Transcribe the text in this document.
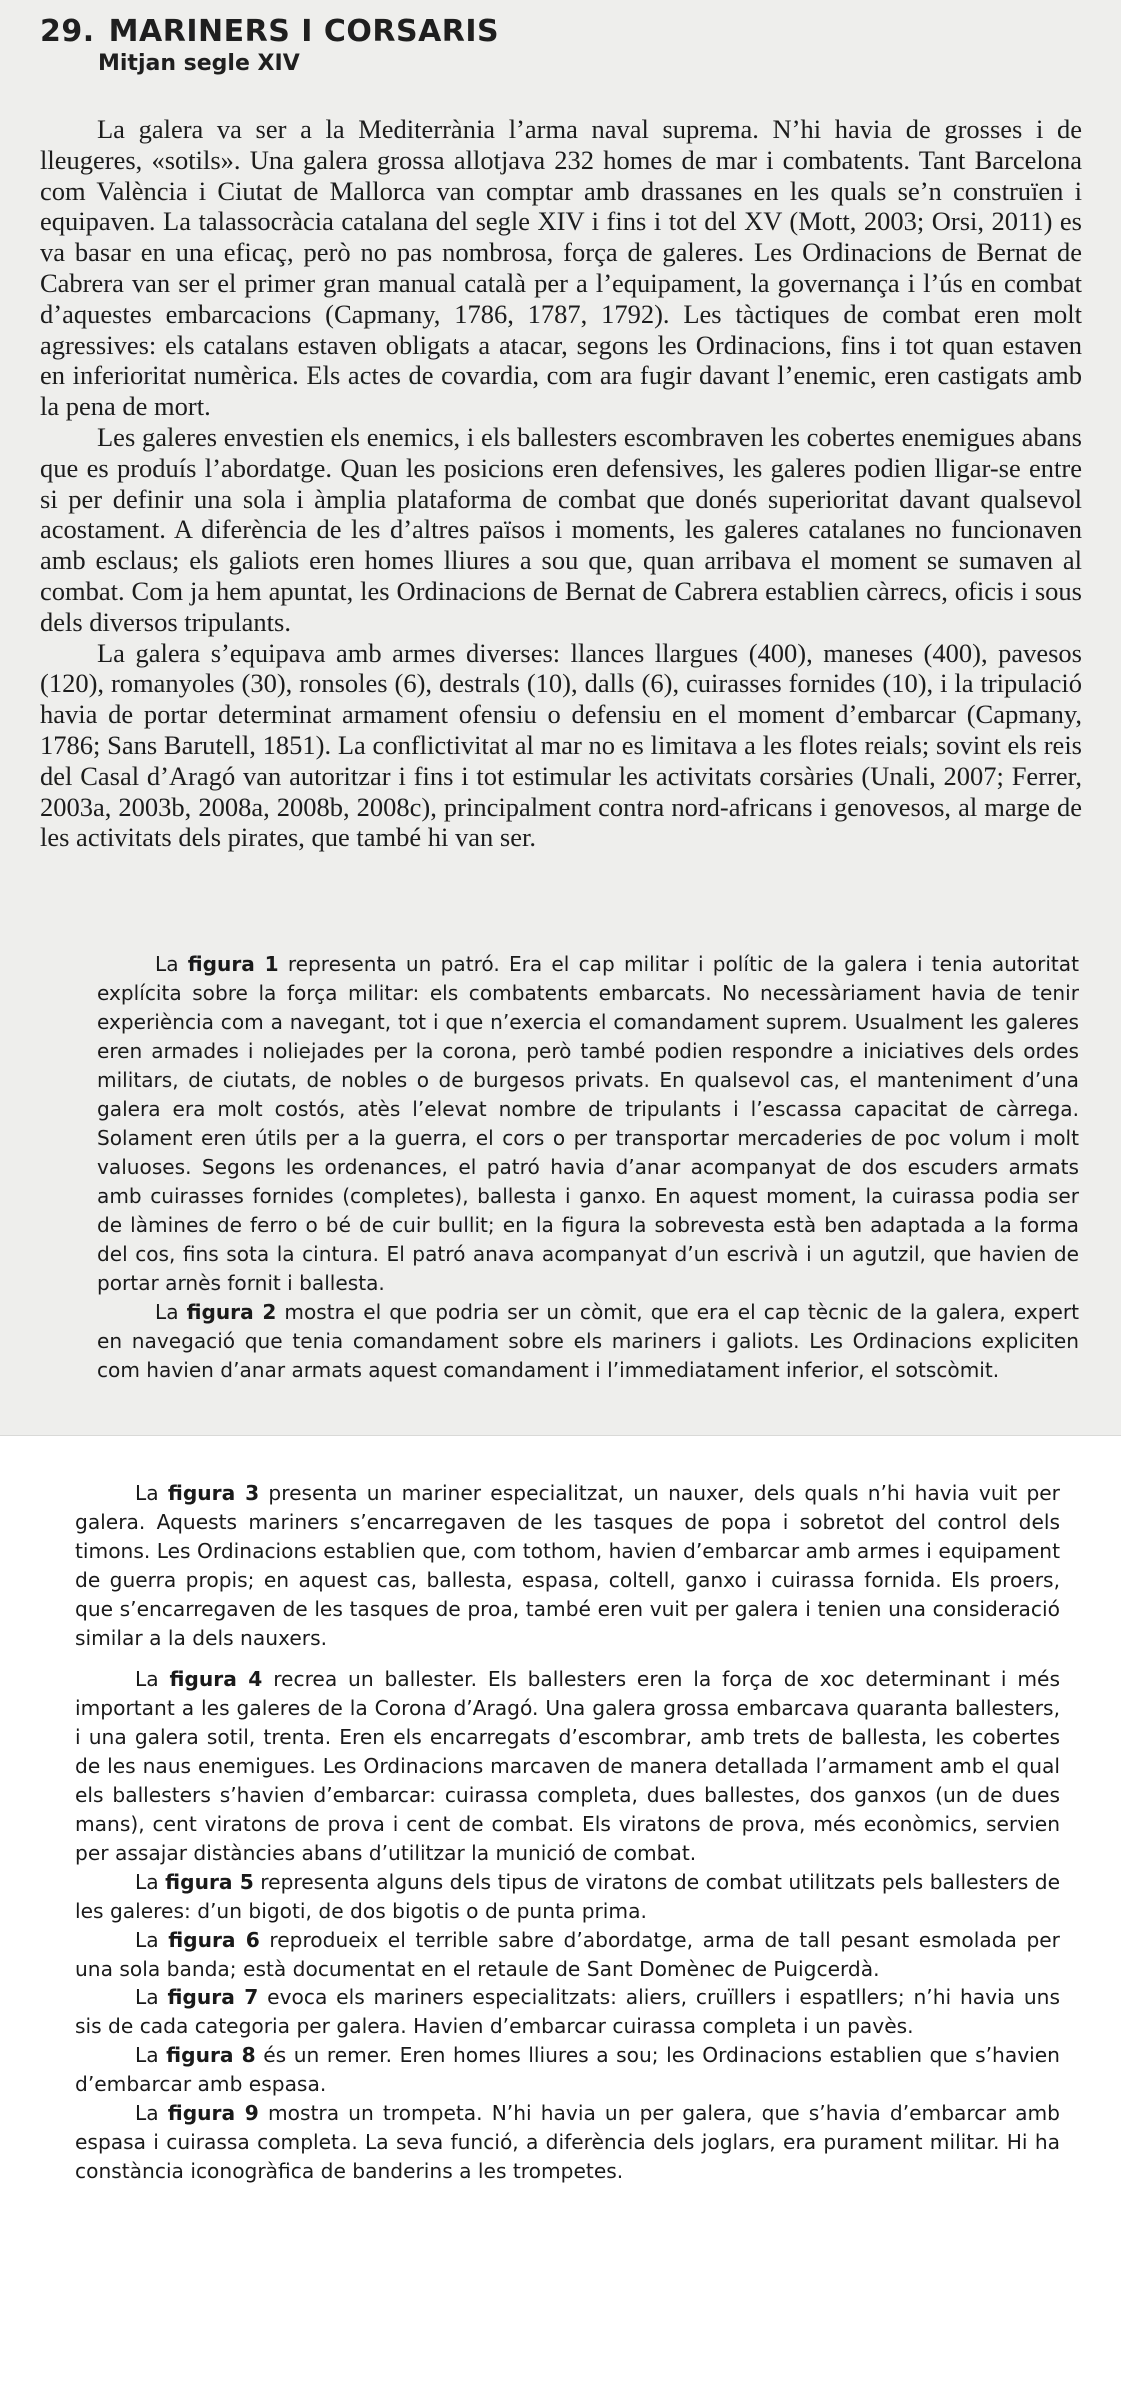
29. MARINERS I CORSARIS
Mitjan segle XIV

La galera va ser a la Mediterrània l’arma naval suprema. N’hi havia de grosses i de lleugeres, «sotils». Una galera grossa allotjava 232 homes de mar i combatents. Tant Barcelona com València i Ciutat de Mallorca van comptar amb drassanes en les quals se’n construïen i equipaven. La talassocràcia catalana del segle XIV i fins i tot del XV (Mott, 2003; Orsi, 2011) es va basar en una eficaç, però no pas nombrosa, força de galeres. Les Ordinacions de Bernat de Cabrera van ser el primer gran manual català per a l’equipament, la governança i l’ús en combat d’aquestes embarcacions (Capmany, 1786, 1787, 1792). Les tàctiques de combat eren molt agressives: els catalans estaven obligats a atacar, segons les Ordinacions, fins i tot quan estaven en inferioritat numèrica. Els actes de covardia, com ara fugir davant l’enemic, eren castigats amb la pena de mort.

Les galeres envestien els enemics, i els ballesters escombraven les cobertes enemigues abans que es produís l’abordatge. Quan les posicions eren defensives, les galeres podien lligar-se entre si per definir una sola i àmplia plataforma de combat que donés superioritat davant qualsevol acostament. A diferència de les d’altres països i moments, les galeres catalanes no funcionaven amb esclaus; els galiots eren homes lliures a sou que, quan arribava el moment se sumaven al combat. Com ja hem apuntat, les Ordinacions de Bernat de Cabrera establien càrrecs, oficis i sous dels diversos tripulants.

La galera s’equipava amb armes diverses: llances llargues (400), maneses (400), pavesos (120), romanyoles (30), ronsoles (6), destrals (10), dalls (6), cuirasses fornides (10), i la tripulació havia de portar determinat armament ofensiu o defensiu en el moment d’embarcar (Capmany, 1786; Sans Barutell, 1851). La conflictivitat al mar no es limitava a les flotes reials; sovint els reis del Casal d’Aragó van autoritzar i fins i tot estimular les activitats corsàries (Unali, 2007; Ferrer, 2003a, 2003b, 2008a, 2008b, 2008c), principalment contra nord-africans i genovesos, al marge de les activitats dels pirates, que també hi van ser.

La figura 1 representa un patró. Era el cap militar i polític de la galera i tenia autoritat explícita sobre la força militar: els combatents embarcats. No necessàriament havia de tenir experiència com a navegant, tot i que n’exercia el comandament suprem. Usualment les galeres eren armades i noliejades per la corona, però també podien respondre a iniciatives dels ordes militars, de ciutats, de nobles o de burgesos privats. En qualsevol cas, el manteniment d’una galera era molt costós, atès l’elevat nombre de tripulants i l’escassa capacitat de càrrega. Solament eren útils per a la guerra, el cors o per transportar mercaderies de poc volum i molt valuoses. Segons les ordenances, el patró havia d’anar acompanyat de dos escuders armats amb cuirasses fornides (completes), ballesta i ganxo. En aquest moment, la cuirassa podia ser de làmines de ferro o bé de cuir bullit; en la figura la sobrevesta està ben adaptada a la forma del cos, fins sota la cintura. El patró anava acompanyat d’un escrivà i un agutzil, que havien de portar arnès fornit i ballesta.

La figura 2 mostra el que podria ser un còmit, que era el cap tècnic de la galera, expert en navegació que tenia comandament sobre els mariners i galiots. Les Ordinacions expliciten com havien d’anar armats aquest comandament i l’immediatament inferior, el sotscòmit.

La figura 3 presenta un mariner especialitzat, un nauxer, dels quals n’hi havia vuit per galera. Aquests mariners s’encarregaven de les tasques de popa i sobretot del control dels timons. Les Ordinacions establien que, com tothom, havien d’embarcar amb armes i equipament de guerra propis; en aquest cas, ballesta, espasa, coltell, ganxo i cuirassa fornida. Els proers, que s’encarregaven de les tasques de proa, també eren vuit per galera i tenien una consideració similar a la dels nauxers.

La figura 4 recrea un ballester. Els ballesters eren la força de xoc determinant i més important a les galeres de la Corona d’Aragó. Una galera grossa embarcava quaranta ballesters, i una galera sotil, trenta. Eren els encarregats d’escombrar, amb trets de ballesta, les cobertes de les naus enemigues. Les Ordinacions marcaven de manera detallada l’armament amb el qual els ballesters s’havien d’embarcar: cuirassa completa, dues ballestes, dos ganxos (un de dues mans), cent viratons de prova i cent de combat. Els viratons de prova, més econòmics, servien per assajar distàncies abans d’utilitzar la munició de combat.

La figura 5 representa alguns dels tipus de viratons de combat utilitzats pels ballesters de les galeres: d’un bigoti, de dos bigotis o de punta prima.

La figura 6 reprodueix el terrible sabre d’abordatge, arma de tall pesant esmolada per una sola banda; està documentat en el retaule de Sant Domènec de Puigcerdà.

La figura 7 evoca els mariners especialitzats: aliers, cruïllers i espatllers; n’hi havia uns sis de cada categoria per galera. Havien d’embarcar cuirassa completa i un pavès.

La figura 8 és un remer. Eren homes lliures a sou; les Ordinacions establien que s’havien d’embarcar amb espasa.

La figura 9 mostra un trompeta. N’hi havia un per galera, que s’havia d’embarcar amb espasa i cuirassa completa. La seva funció, a diferència dels joglars, era purament militar. Hi ha constància iconogràfica de banderins a les trompetes.
